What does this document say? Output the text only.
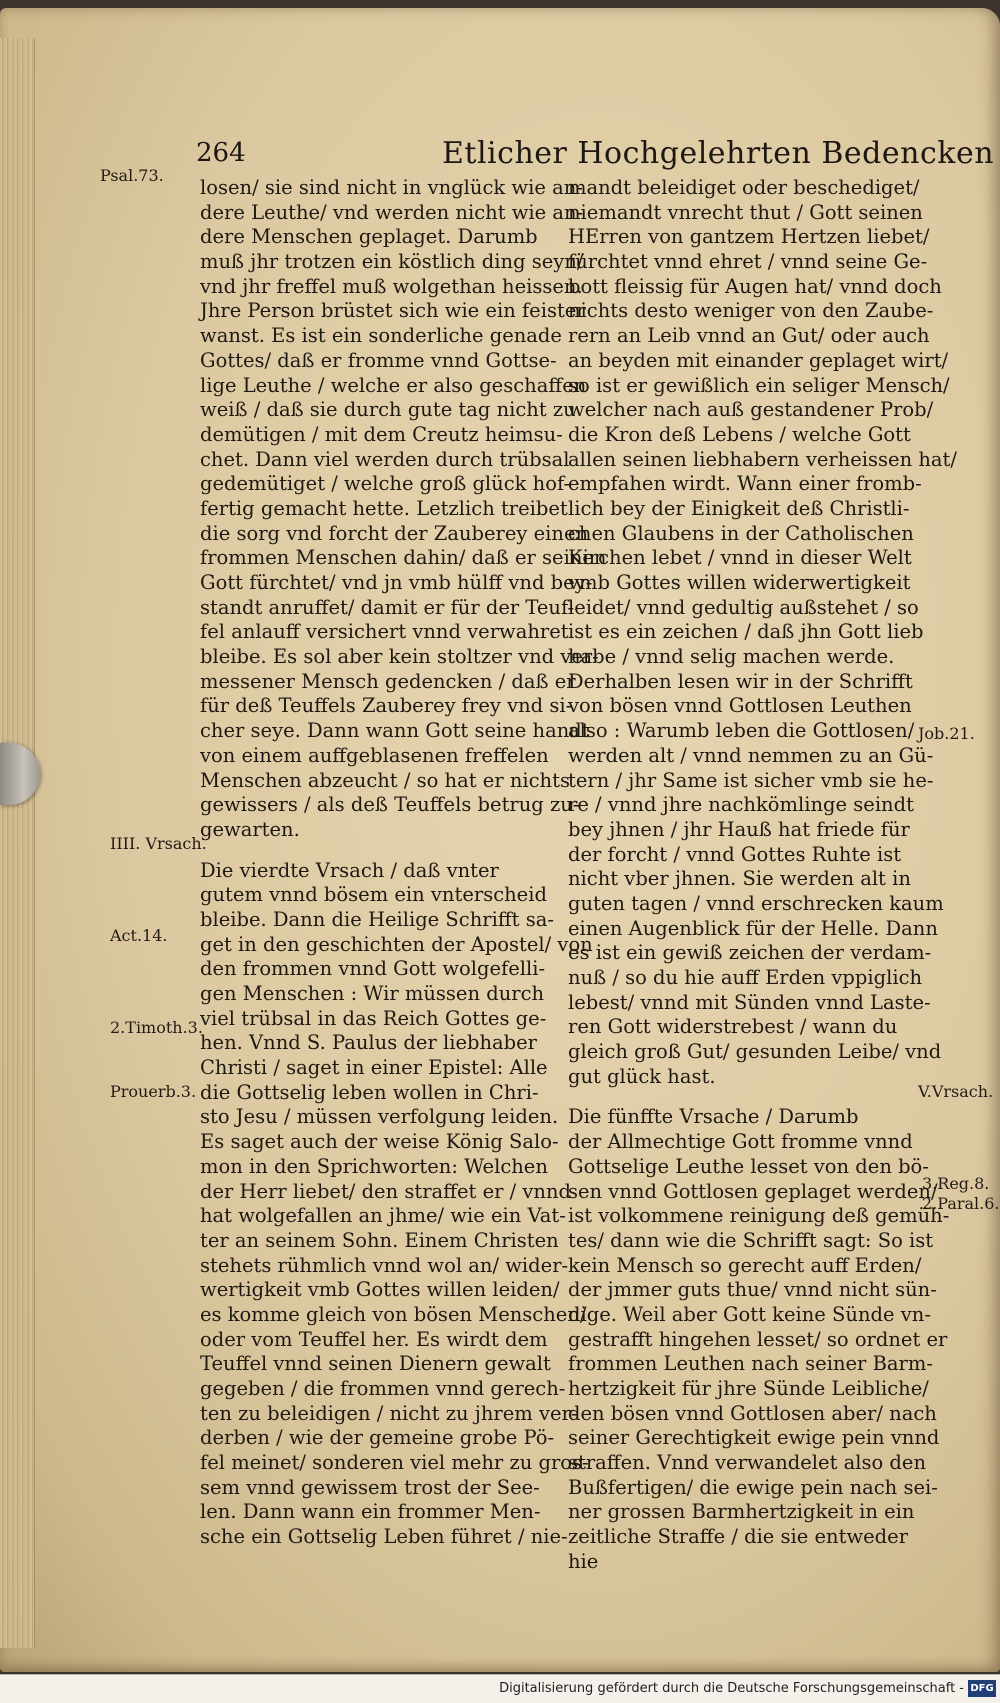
264	Etlicher Hochgelehrten Bedencken
Psal.73.
IIII. Vrsach.
Act.14.
2.Timoth.3.
Prouerb.3.
Job.21.
V.Vrsach.
3.Reg.8.
2.Paral.6.
losen/ sie sind nicht in vnglück wie an-
dere Leuthe/ vnd werden nicht wie an-
dere Menschen geplaget. Darumb
muß jhr trotzen ein köstlich ding seyn/
vnd jhr freffel muß wolgethan heissen.
Jhre Person brüstet sich wie ein feister
wanst. Es ist ein sonderliche genade
Gottes/ daß er fromme vnnd Gottse-
lige Leuthe / welche er also geschaffen
weiß / daß sie durch gute tag nicht zu
demütigen / mit dem Creutz heimsu-
chet. Dann viel werden durch trübsal
gedemütiget / welche groß glück hof-
fertig gemacht hette. Letzlich treibet
die sorg vnd forcht der Zauberey einen
frommen Menschen dahin/ daß er seinen
Gott fürchtet/ vnd jn vmb hülff vnd bey-
standt anruffet/ damit er für der Teuf-
fel anlauff versichert vnnd verwahret
bleibe. Es sol aber kein stoltzer vnd ver-
messener Mensch gedencken / daß er
für deß Teuffels Zauberey frey vnd si-
cher seye. Dann wann Gott seine handt
von einem auffgeblasenen freffelen
Menschen abzeucht / so hat er nichts
gewissers / als deß Teuffels betrug zu-
gewarten.
Die vierdte Vrsach / daß vnter
gutem vnnd bösem ein vnterscheid
bleibe. Dann die Heilige Schrifft sa-
get in den geschichten der Apostel/ von
den frommen vnnd Gott wolgefelli-
gen Menschen : Wir müssen durch
viel trübsal in das Reich Gottes ge-
hen. Vnnd S. Paulus der liebhaber
Christi / saget in einer Epistel: Alle
die Gottselig leben wollen in Chri-
sto Jesu / müssen verfolgung leiden.
Es saget auch der weise König Salo-
mon in den Sprichworten: Welchen
der Herr liebet/ den straffet er / vnnd
hat wolgefallen an jhme/ wie ein Vat-
ter an seinem Sohn. Einem Christen
stehets rühmlich vnnd wol an/ wider-
wertigkeit vmb Gottes willen leiden/
es komme gleich von bösen Menschen/
oder vom Teuffel her. Es wirdt dem
Teuffel vnnd seinen Dienern gewalt
gegeben / die frommen vnnd gerech-
ten zu beleidigen / nicht zu jhrem ver-
derben / wie der gemeine grobe Pö-
fel meinet/ sonderen viel mehr zu gros-
sem vnnd gewissem trost der See-
len. Dann wann ein frommer Men-
sche ein Gottselig Leben führet / nie-
mandt beleidiget oder beschediget/
niemandt vnrecht thut / Gott seinen
HErren von gantzem Hertzen liebet/
fürchtet vnnd ehret / vnnd seine Ge-
bott fleissig für Augen hat/ vnnd doch
nichts desto weniger von den Zaube-
rern an Leib vnnd an Gut/ oder auch
an beyden mit einander geplaget wirt/
so ist er gewißlich ein seliger Mensch/
welcher nach auß gestandener Prob/
die Kron deß Lebens / welche Gott
allen seinen liebhabern verheissen hat/
empfahen wirdt. Wann einer fromb-
lich bey der Einigkeit deß Christli-
chen Glaubens in der Catholischen
Kirchen lebet / vnnd in dieser Welt
vmb Gottes willen widerwertigkeit
leidet/ vnnd gedultig außstehet / so
ist es ein zeichen / daß jhn Gott lieb
habe / vnnd selig machen werde.
Derhalben lesen wir in der Schrifft
von bösen vnnd Gottlosen Leuthen
also : Warumb leben die Gottlosen/
werden alt / vnnd nemmen zu an Gü-
tern / jhr Same ist sicher vmb sie he-
re / vnnd jhre nachkömlinge seindt
bey jhnen / jhr Hauß hat friede für
der forcht / vnnd Gottes Ruhte ist
nicht vber jhnen. Sie werden alt in
guten tagen / vnnd erschrecken kaum
einen Augenblick für der Helle. Dann
es ist ein gewiß zeichen der verdam-
nuß / so du hie auff Erden vppiglich
lebest/ vnnd mit Sünden vnnd Laste-
ren Gott widerstrebest / wann du
gleich groß Gut/ gesunden Leibe/ vnd
gut glück hast.
Die fünffte Vrsache / Darumb
der Allmechtige Gott fromme vnnd
Gottselige Leuthe lesset von den bö-
sen vnnd Gottlosen geplaget werden/
ist volkommene reinigung deß gemüh-
tes/ dann wie die Schrifft sagt: So ist
kein Mensch so gerecht auff Erden/
der jmmer guts thue/ vnnd nicht sün-
dige. Weil aber Gott keine Sünde vn-
gestrafft hingehen lesset/ so ordnet er
frommen Leuthen nach seiner Barm-
hertzigkeit für jhre Sünde Leibliche/
den bösen vnnd Gottlosen aber/ nach
seiner Gerechtigkeit ewige pein vnnd
straffen. Vnnd verwandelet also den
Bußfertigen/ die ewige pein nach sei-
ner grossen Barmhertzigkeit in ein
zeitliche Straffe / die sie entweder
hie
Digitalisierung gefördert durch die Deutsche Forschungsgemeinschaft - DFG
